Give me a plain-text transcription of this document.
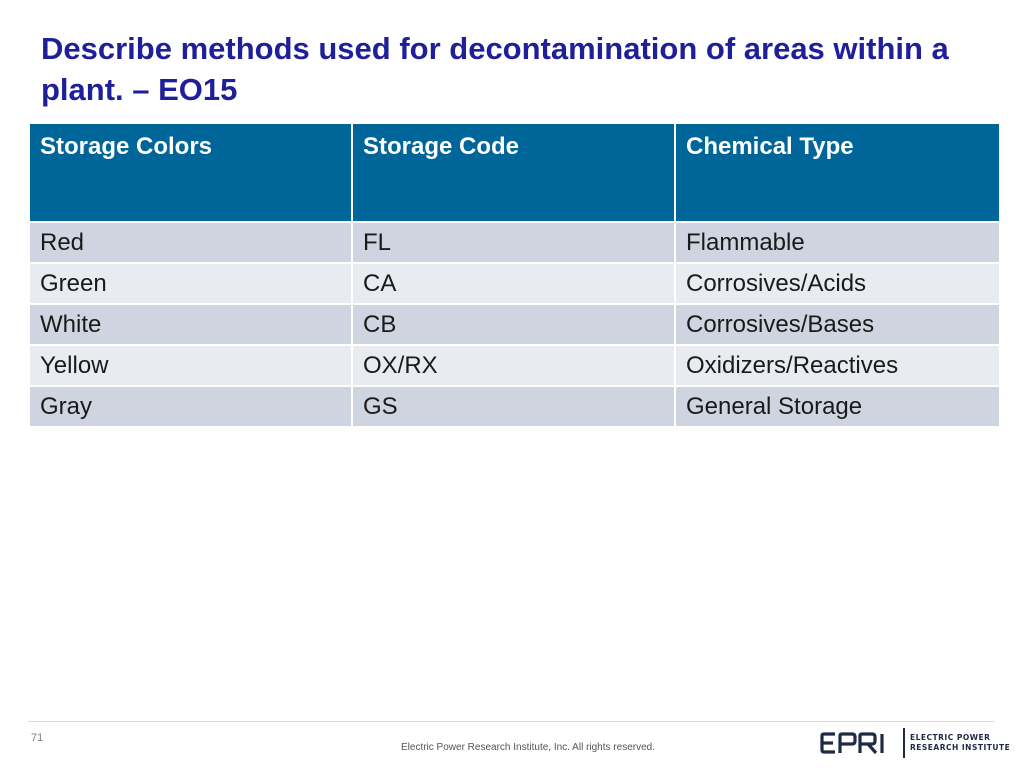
Describe methods used for decontamination of areas within a plant. – EO15
Storage Colors	Storage Code	Chemical Type
Red	FL	Flammable
Green	CA	Corrosives/Acids
White	CB	Corrosives/Bases
Yellow	OX/RX	Oxidizers/Reactives
Gray	GS	General Storage
71
Electric Power Research Institute, Inc. All rights reserved.
ELECTRIC POWER
RESEARCH INSTITUTE
